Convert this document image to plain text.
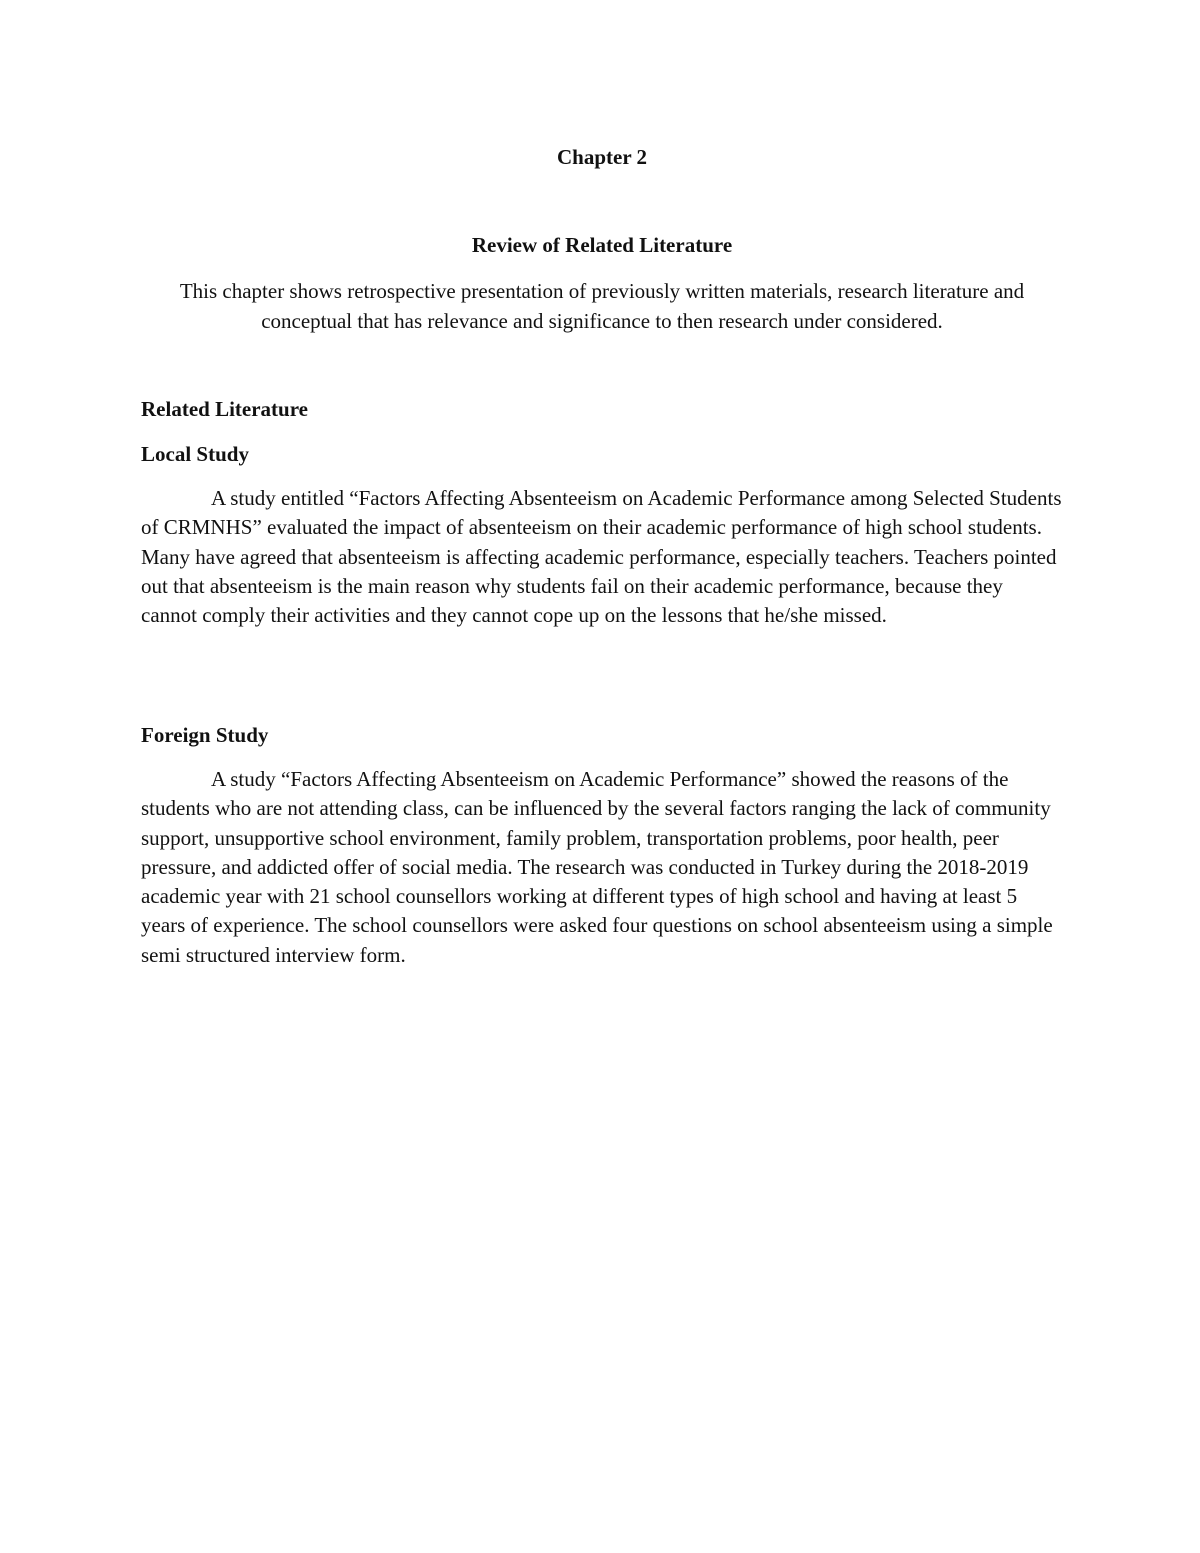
Chapter 2
Review of Related Literature

This chapter shows retrospective presentation of previously written materials, research literature and conceptual that has relevance and significance to then research under considered.

Related Literature
Local Study

A study entitled “Factors Affecting Absenteeism on Academic Performance among Selected Students of CRMNHS” evaluated the impact of absenteeism on their academic performance of high school students. Many have agreed that absenteeism is affecting academic performance, especially teachers. Teachers pointed out that absenteeism is the main reason why students fail on their academic performance, because they cannot comply their activities and they cannot cope up on the lessons that he/she missed.

Foreign Study

A study “Factors Affecting Absenteeism on Academic Performance” showed the reasons of the students who are not attending class, can be influenced by the several factors ranging the lack of community support, unsupportive school environment, family problem, transportation problems, poor health, peer pressure, and addicted offer of social media. The research was conducted in Turkey during the 2018-2019 academic year with 21 school counsellors working at different types of high school and having at least 5 years of experience. The school counsellors were asked four questions on school absenteeism using a simple semi structured interview form.
